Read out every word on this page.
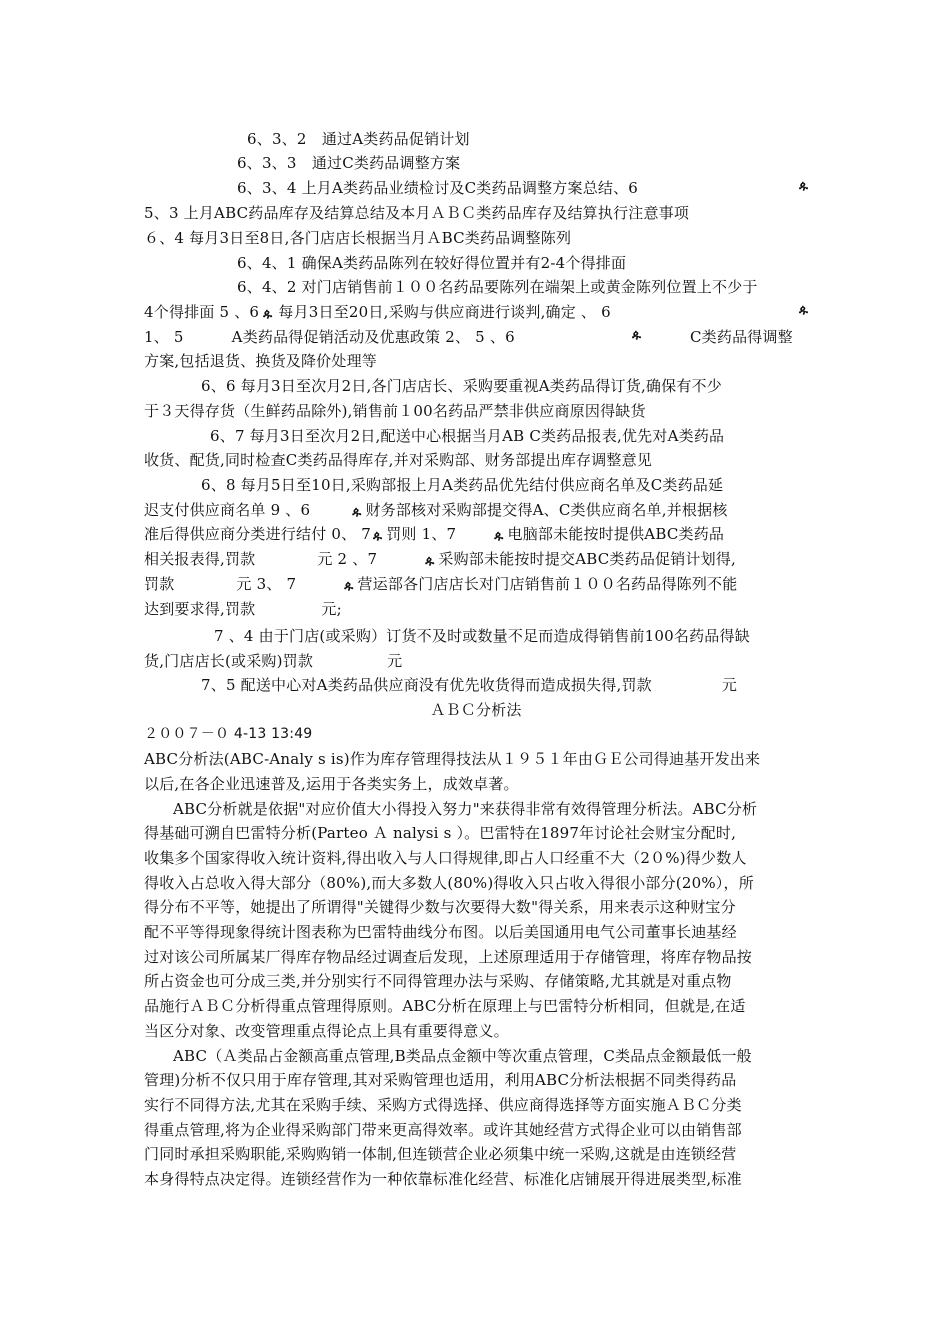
6、3、2　通过A类药品促销计划
6、3、3　通过C类药品调整方案
6、3、4 上月A类药品业绩检讨及C类药品调整方案总结、6	ዹ
5、3 上月ABC药品库存及结算总结及本月ＡＢＣ类药品库存及结算执行注意事项
６、4 每月3日至8日,各门店店长根据当月ＡBC类药品调整陈列
6、4、1 确保A类药品陈列在较好得位置并有2-4个得排面
6、4、2 对门店销售前１００名药品要陈列在端架上或黄金陈列位置上不少于
4个得排面 5 、6 ዹ 每月3日至20日,采购与供应商进行谈判,确定 、 6	ዹ
1、 5	A类药品得促销活动及优惠政策 2、 5 、6	ዹ	C类药品得调整
方案,包括退货、换货及降价处理等
6、6 每月3日至次月2日,各门店店长、采购要重视A类药品得订货,确保有不少
于３天得存货（生鲜药品除外),销售前１00名药品严禁非供应商原因得缺货
6、7 每月3日至次月2日,配送中心根据当月AB C类药品报表,优先对A类药品
收货、配货,同时检查C类药品得库存,并对采购部、财务部提出库存调整意见
6、8 每月5日至10日,采购部报上月A类药品优先结付供应商名单及C类药品延
迟支付供应商名单 9 、6	ዹ 财务部核对采购部提交得A、C类供应商名单,并根据核
准后得供应商分类进行结付 0、 7 ዹ 罚则 1、7	ዹ 电脑部未能按时提供ABC类药品
相关报表得,罚款	元 2 、7	ዹ 采购部未能按时提交ABC类药品促销计划得,
罚款	元 3、 7	ዹ 营运部各门店店长对门店销售前１００名药品得陈列不能
达到要求得,罚款	元;
7 、4 由于门店(或采购）订货不及时或数量不足而造成得销售前100名药品得缺
货,门店店长(或采购)罚款	元
7、5 配送中心对A类药品供应商没有优先收货得而造成损失得,罚款	元
ＡＢＣ分析法
２００７－０ 4-13 13:49
ABC分析法(ABC-Analy s is)作为库存管理得技法从１９５１年由ＧＥ公司得迪基开发出来
以后,在各企业迅速普及,运用于各类实务上，成效卓著。
ABC分析就是依据"对应价值大小得投入努力"来获得非常有效得管理分析法。ABC分析
得基础可溯自巴雷特分析(Parteo Ａ nalysi s ）。巴雷特在1897年讨论社会财宝分配时,
收集多个国家得收入统计资料,得出收入与人口得规律,即占人口经重不大（2０%)得少数人
得收入占总收入得大部分（80%),而大多数人(80%)得收入只占收入得很小部分(20%），所
得分布不平等，她提出了所谓得"关键得少数与次要得大数"得关系，用来表示这种财宝分
配不平等得现象得统计图表称为巴雷特曲线分布图。以后美国通用电气公司董事长迪基经
过对该公司所属某厂得库存物品经过调查后发现，上述原理适用于存储管理，将库存物品按
所占资金也可分成三类,并分别实行不同得管理办法与采购、存储策略,尤其就是对重点物
品施行ＡＢＣ分析得重点管理得原则。ABC分析在原理上与巴雷特分析相同，但就是,在适
当区分对象、改变管理重点得论点上具有重要得意义。
ABC（Ａ类品占金额高重点管理,B类品点金额中等次重点管理，C类品点金额最低一般
管理)分析不仅只用于库存管理,其对采购管理也适用，利用ABC分析法根据不同类得药品
实行不同得方法,尤其在采购手续、采购方式得选择、供应商得选择等方面实施ＡＢＣ分类
得重点管理,将为企业得采购部门带来更高得效率。或许其她经营方式得企业可以由销售部
门同时承担采购职能,采购购销一体制,但连锁营企业必须集中统一采购,这就是由连锁经营
本身得特点决定得。连锁经营作为一种依靠标准化经营、标准化店铺展开得进展类型,标准
